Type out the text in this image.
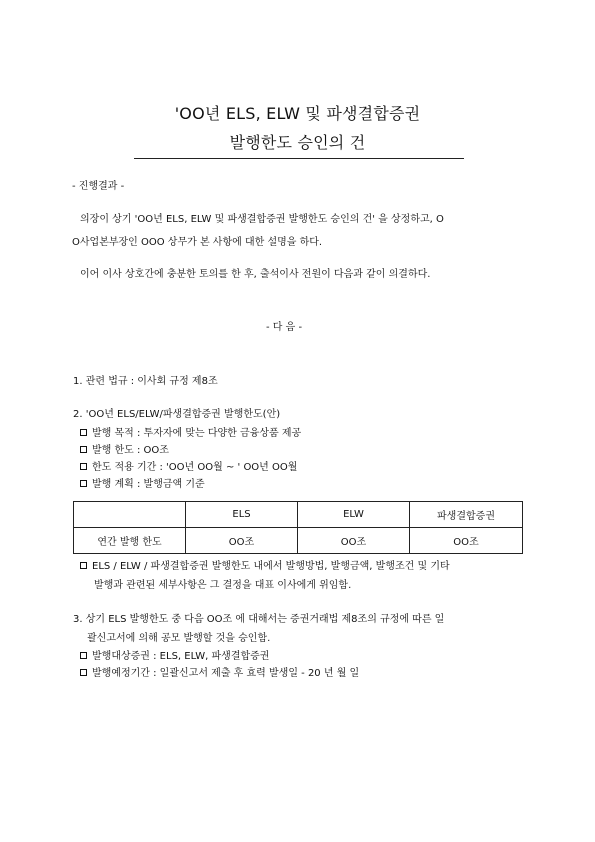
'OO년 ELS, ELW 및 파생결합증권
발행한도 승인의 건
- 진행결과 -
의장이 상기 'OO년 ELS, ELW 및 파생결합증권 발행한도 승인의 건' 을 상정하고, O
O사업본부장인 OOO 상무가 본 사항에 대한 설명을 하다.
이어 이사 상호간에 충분한 토의를 한 후, 출석이사 전원이 다음과 같이 의결하다.
- 다 음 -
1. 관련 법규 : 이사회 규정 제8조
2. 'OO년 ELS/ELW/파생결합증권 발행한도(안)
발행 목적 : 투자자에 맞는 다양한 금융상품 제공
발행 한도 : OO조
한도 적용 기간 : 'OO년 OO월 ~ ' OO년 OO월
발행 계획 : 발행금액 기준
	ELS	ELW	파생결합증권
연간 발행 한도	OO조	OO조	OO조
ELS / ELW / 파생결합증권 발행한도 내에서 발행방법, 발행금액, 발행조건 및 기타
발행과 관련된 세부사항은 그 결정을 대표 이사에게 위임함.
3. 상기 ELS 발행한도 중 다음 OO조 에 대해서는 증권거래법 제8조의 규정에 따른 일
괄신고서에 의해 공모 발행할 것을 승인함.
발행대상증권 : ELS, ELW, 파생결합증권
발행예정기간 : 일괄신고서 제출 후 효력 발생일 - 20 년 월 일
